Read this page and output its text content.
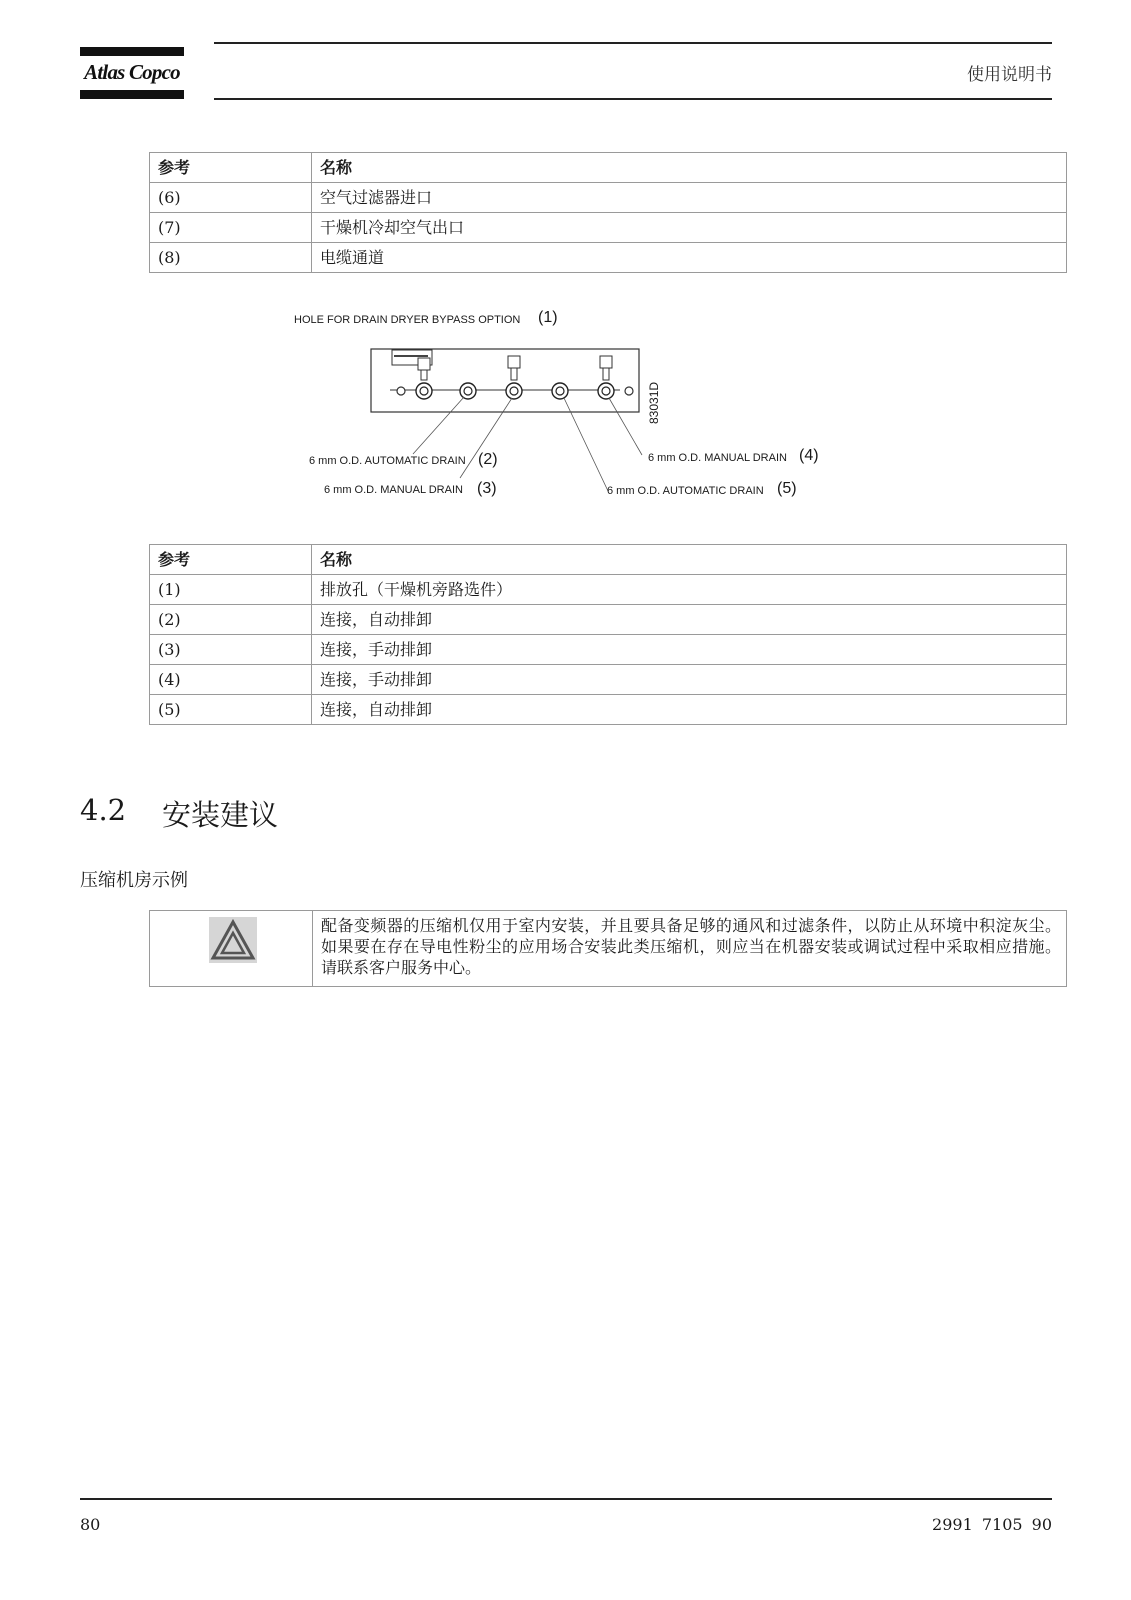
Atlas Copco	使用说明书
参考	名称
(6)	空气过滤器进口
(7)	干燥机冷却空气出口
(8)	电缆通道
HOLE FOR DRAIN DRYER BYPASS OPTION (1)
83031D
6 mm O.D. AUTOMATIC DRAIN (2)
6 mm O.D. MANUAL DRAIN (3)
6 mm O.D. MANUAL DRAIN (4)
6 mm O.D. AUTOMATIC DRAIN (5)
参考	名称
(1)	排放孔（干燥机旁路选件）
(2)	连接，自动排卸
(3)	连接，手动排卸
(4)	连接，手动排卸
(5)	连接，自动排卸
4.2 安装建议
压缩机房示例
配备变频器的压缩机仅用于室内安装，并且要具备足够的通风和过滤条件，以防止从环境中积淀灰尘。 如果要在存在导电性粉尘的应用场合安装此类压缩机，则应当在机器安装或调试过程中采取相应措施。 请联系客户服务中心。
80	2991 7105 90
